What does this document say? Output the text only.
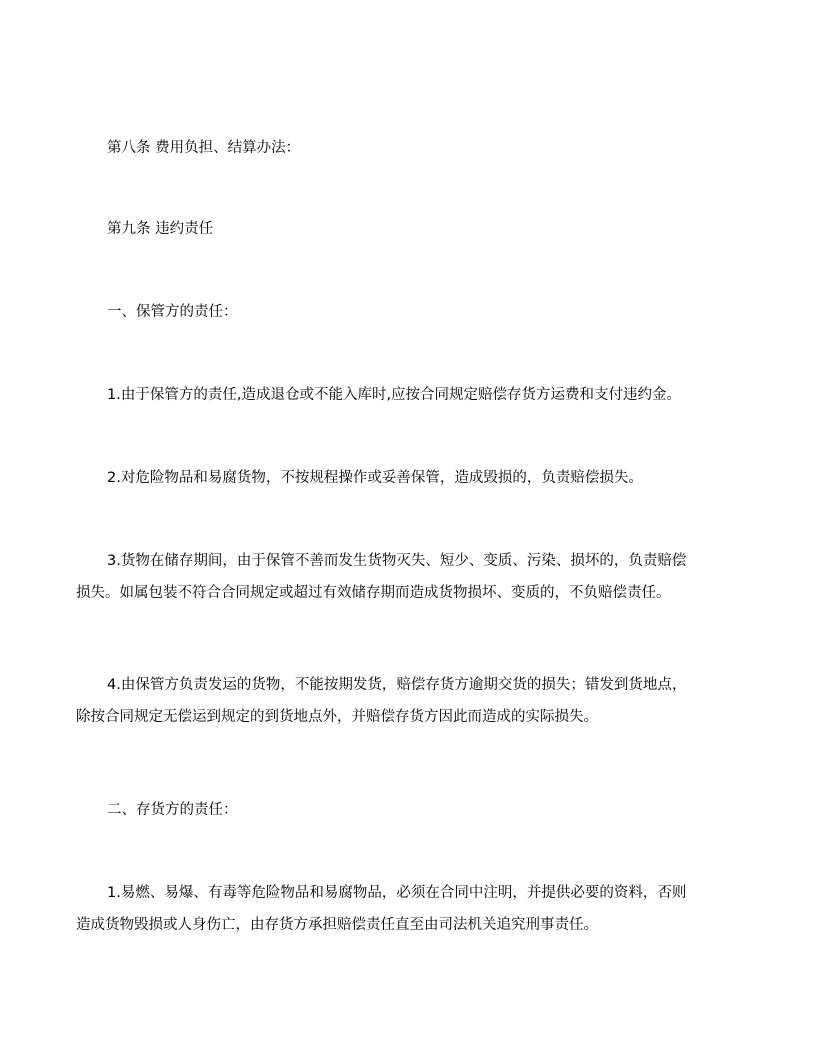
第八条 费用负担、结算办法：

第九条 违约责任

一、保管方的责任：

1.由于保管方的责任,造成退仓或不能入库时,应按合同规定赔偿存货方运费和支付违约金。

2.对危险物品和易腐货物，不按规程操作或妥善保管，造成毁损的，负责赔偿损失。

3.货物在储存期间，由于保管不善而发生货物灭失、短少、变质、污染、损坏的，负责赔偿
损失。如属包装不符合合同规定或超过有效储存期而造成货物损坏、变质的，不负赔偿责任。

4.由保管方负责发运的货物，不能按期发货，赔偿存货方逾期交货的损失；错发到货地点，
除按合同规定无偿运到规定的到货地点外，并赔偿存货方因此而造成的实际损失。

二、存货方的责任：

1.易燃、易爆、有毒等危险物品和易腐物品，必须在合同中注明，并提供必要的资料，否则
造成货物毁损或人身伤亡，由存货方承担赔偿责任直至由司法机关追究刑事责任。
